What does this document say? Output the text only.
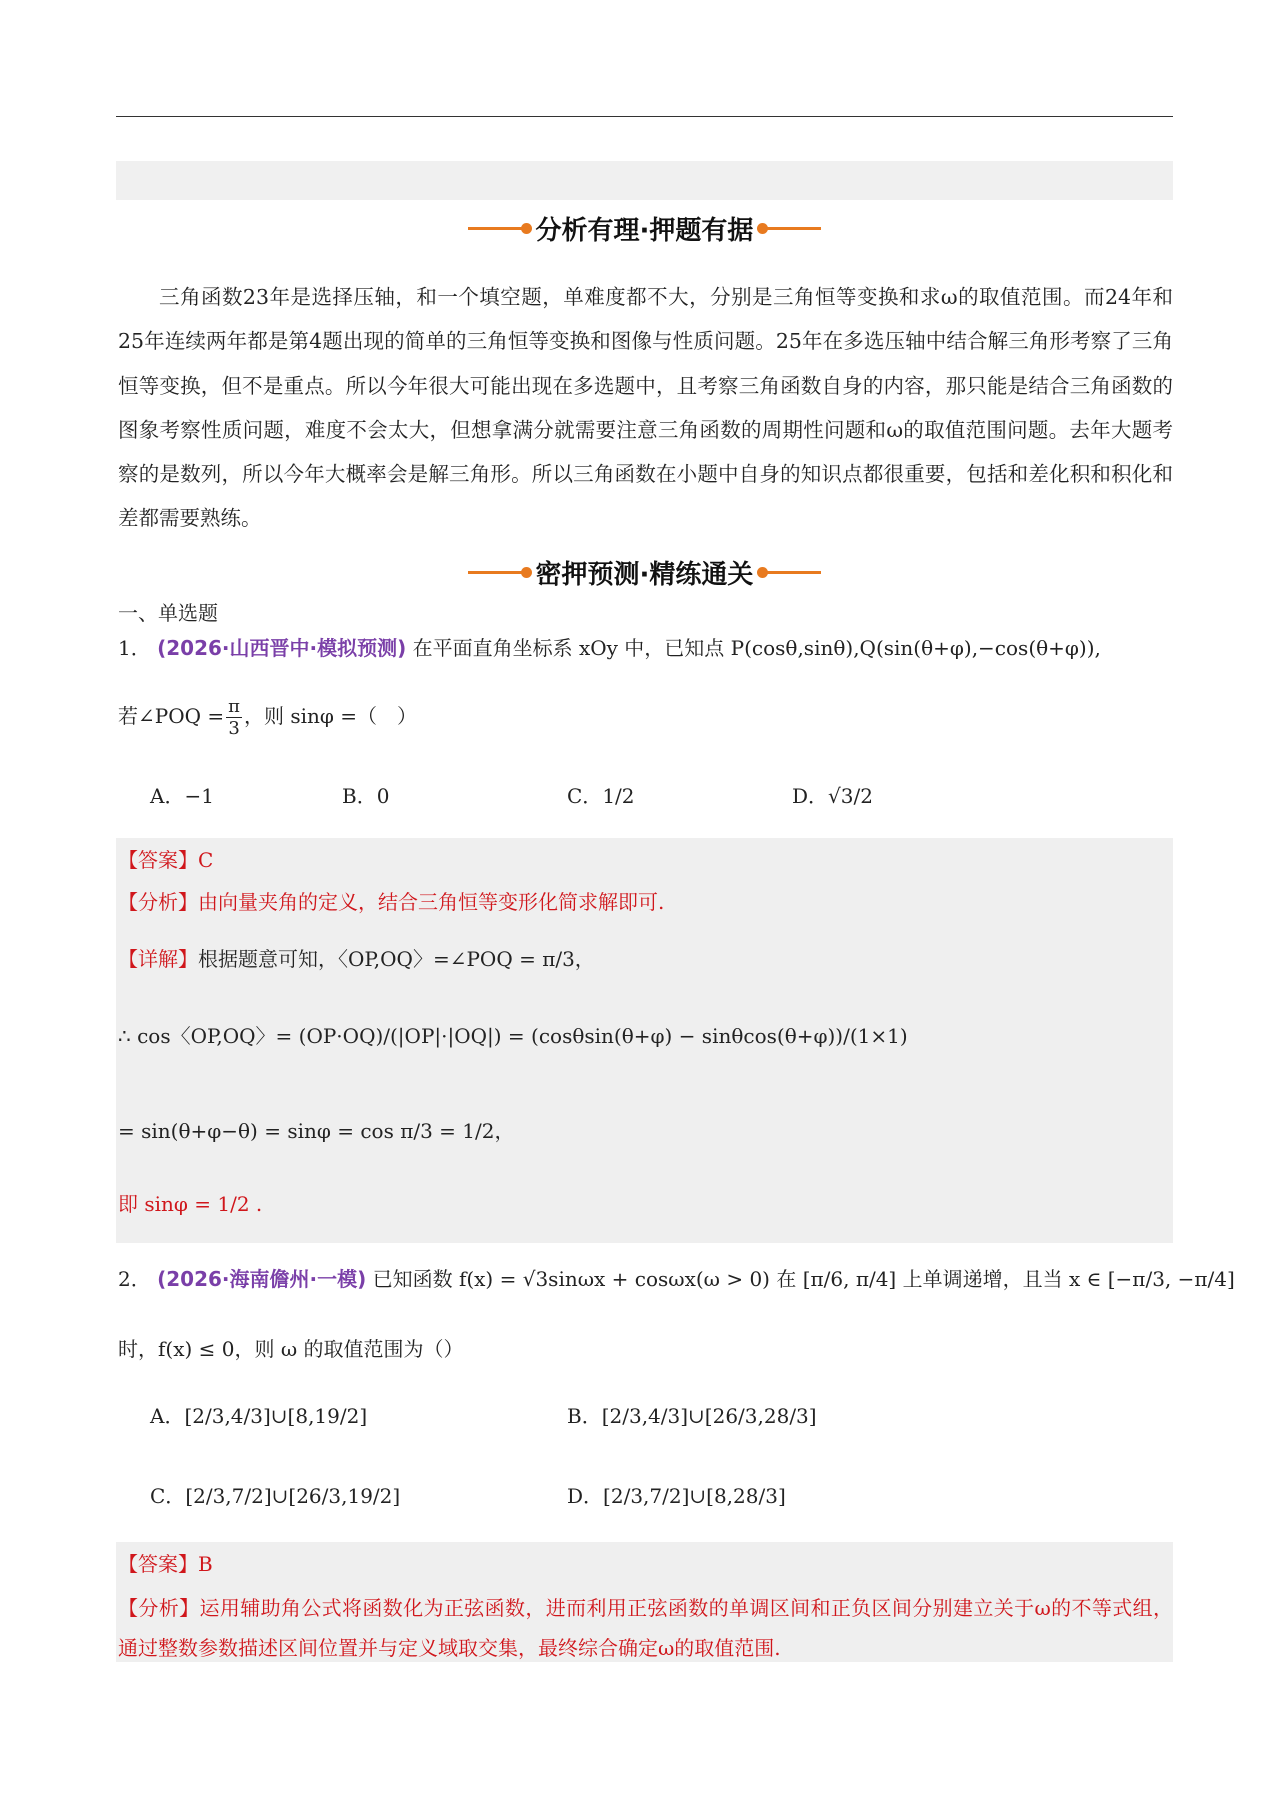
分析有理·押题有据

三角函数23年是选择压轴，和一个填空题，单难度都不大，分别是三角恒等变换和求ω的取值范围。而24年和25年连续两年都是第4题出现的简单的三角恒等变换和图像与性质问题。25年在多选压轴中结合解三角形考察了三角恒等变换，但不是重点。所以今年很大可能出现在多选题中，且考察三角函数自身的内容，那只能是结合三角函数的图象考察性质问题，难度不会太大，但想拿满分就需要注意三角函数的周期性问题和ω的取值范围问题。去年大题考察的是数列，所以今年大概率会是解三角形。所以三角函数在小题中自身的知识点都很重要，包括和差化积和积化和差都需要熟练。

密押预测·精练通关
一、单选题
1． (2026·山西晋中·模拟预测) 在平面直角坐标系 xOy 中，已知点 P(cosθ,sinθ),Q(sin(θ+φ),−cos(θ+φ)),
若∠POQ = $\frac{\pi}{3}$ ，则 sinφ =（　）
A．−1	B．0	C．1/2	D．√3/2
【答案】C
【分析】由向量夹角的定义，结合三角恒等变形化简求解即可.
【详解】根据题意可知，〈OP,OQ〉=∠POQ = π/3，
∴ cos〈OP,OQ〉= (OP·OQ)/(|OP|·|OQ|) = (cosθsin(θ+φ) − sinθcos(θ+φ))/(1×1)
= sin(θ+φ−θ) = sinφ = cos π/3 = 1/2，
即 sinφ = 1/2 .
2． (2026·海南儋州·一模) 已知函数 f(x) = √3sinωx + cosωx(ω > 0) 在 [π/6, π/4] 上单调递增，且当 x ∈ [−π/3, −π/4]
时，f(x) ≤ 0，则 ω 的取值范围为（）
A．[2/3,4/3]∪[8,19/2]	B．[2/3,4/3]∪[26/3,28/3]
C．[2/3,7/2]∪[26/3,19/2]	D．[2/3,7/2]∪[8,28/3]
【答案】B
【分析】运用辅助角公式将函数化为正弦函数，进而利用正弦函数的单调区间和正负区间分别建立关于ω的不等式组，通过整数参数描述区间位置并与定义域取交集，最终综合确定ω的取值范围.
